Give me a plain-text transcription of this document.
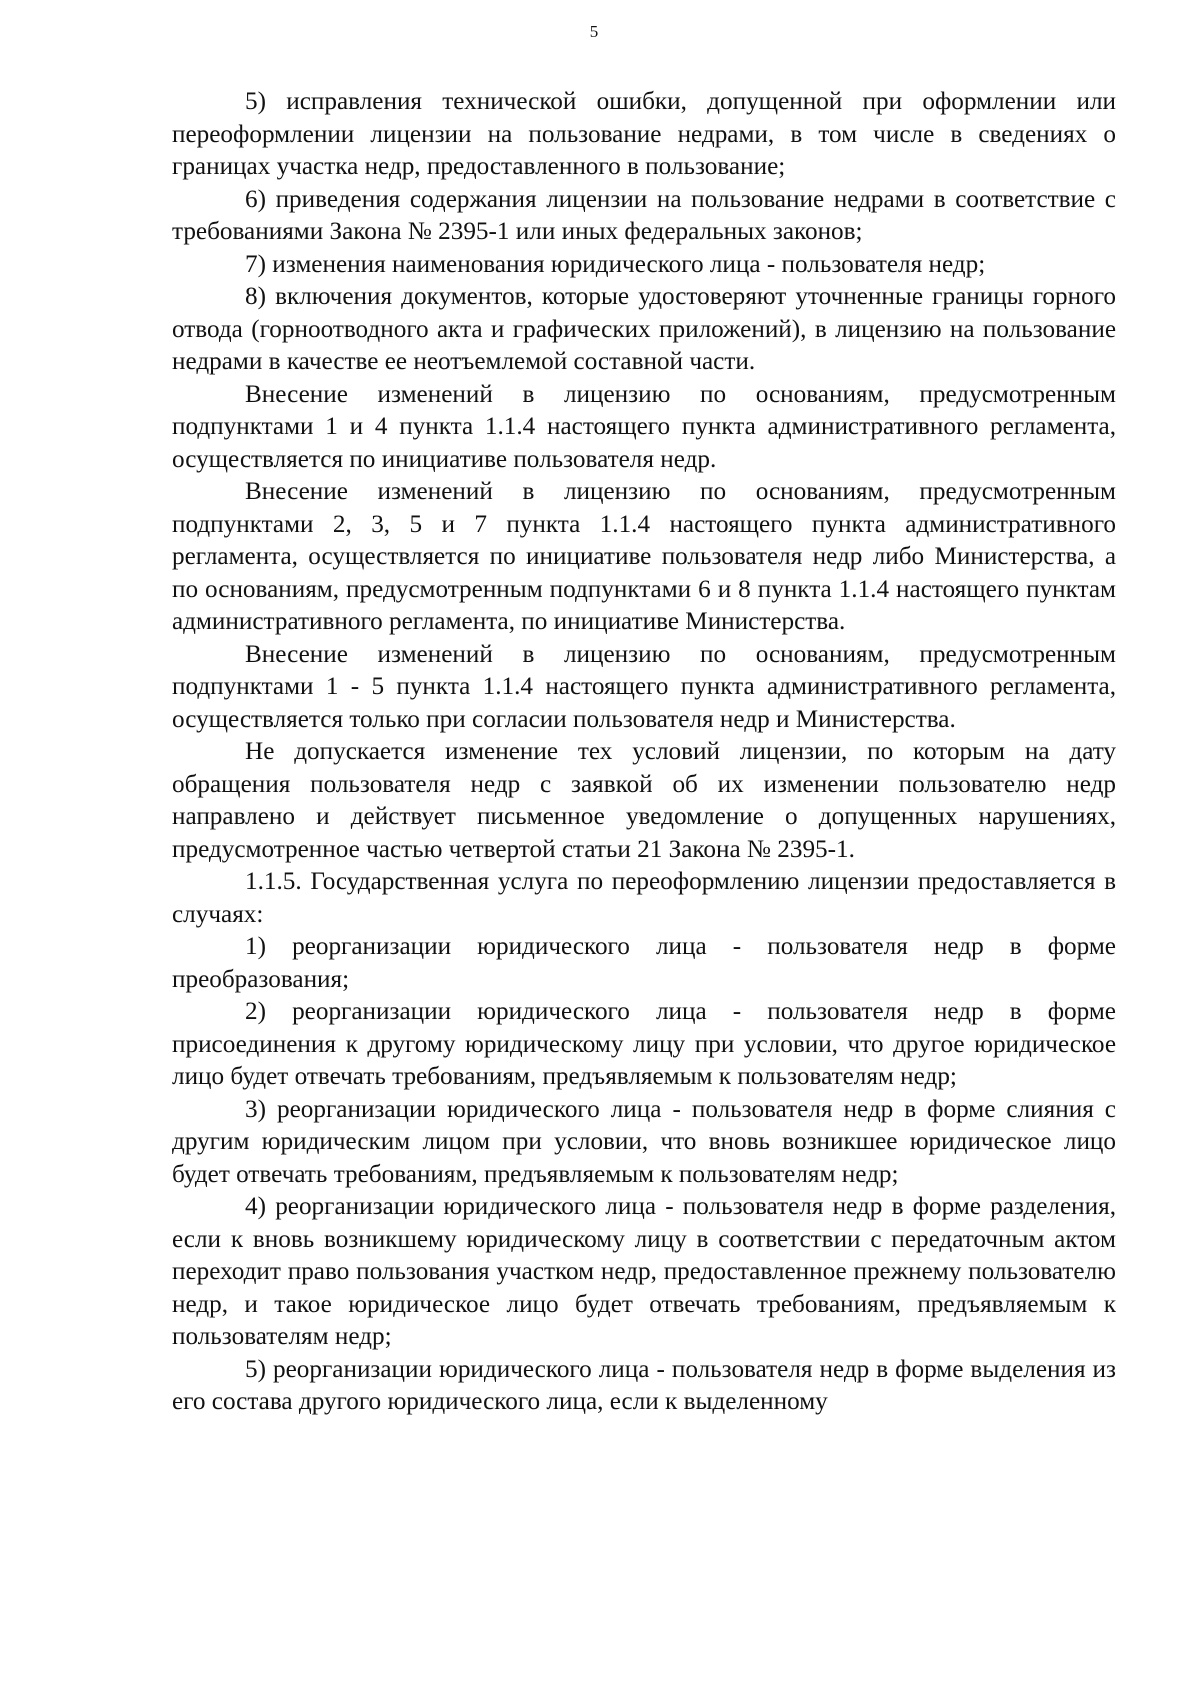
5

5) исправления технической ошибки, допущенной при оформлении или переоформлении лицензии на пользование недрами, в том числе в сведениях о границах участка недр, предоставленного в пользование;

6) приведения содержания лицензии на пользование недрами в соответствие с требованиями Закона № 2395-1 или иных федеральных законов;

7) изменения наименования юридического лица - пользователя недр;

8) включения документов, которые удостоверяют уточненные границы горного отвода (горноотводного акта и графических приложений), в лицензию на пользование недрами в качестве ее неотъемлемой составной части.

Внесение изменений в лицензию по основаниям, предусмотренным подпунктами 1 и 4 пункта 1.1.4 настоящего пункта административного регламента, осуществляется по инициативе пользователя недр.

Внесение изменений в лицензию по основаниям, предусмотренным подпунктами 2, 3, 5 и 7 пункта 1.1.4 настоящего пункта административного регламента, осуществляется по инициативе пользователя недр либо Министерства, а по основаниям, предусмотренным подпунктами 6 и 8 пункта 1.1.4 настоящего пунктам административного регламента, по инициативе Министерства.

Внесение изменений в лицензию по основаниям, предусмотренным подпунктами 1 - 5 пункта 1.1.4 настоящего пункта административного регламента, осуществляется только при согласии пользователя недр и Министерства.

Не допускается изменение тех условий лицензии, по которым на дату обращения пользователя недр с заявкой об их изменении пользователю недр направлено и действует письменное уведомление о допущенных нарушениях, предусмотренное частью четвертой статьи 21 Закона № 2395-1.

1.1.5. Государственная услуга по переоформлению лицензии предоставляется в случаях:

1) реорганизации юридического лица - пользователя недр в форме преобразования;

2) реорганизации юридического лица - пользователя недр в форме присоединения к другому юридическому лицу при условии, что другое юридическое лицо будет отвечать требованиям, предъявляемым к пользователям недр;

3) реорганизации юридического лица - пользователя недр в форме слияния с другим юридическим лицом при условии, что вновь возникшее юридическое лицо будет отвечать требованиям, предъявляемым к пользователям недр;

4) реорганизации юридического лица - пользователя недр в форме разделения, если к вновь возникшему юридическому лицу в соответствии с передаточным актом переходит право пользования участком недр, предоставленное прежнему пользователю недр, и такое юридическое лицо будет отвечать требованиям, предъявляемым к пользователям недр;

5) реорганизации юридического лица - пользователя недр в форме выделения из его состава другого юридического лица, если к выделенному
